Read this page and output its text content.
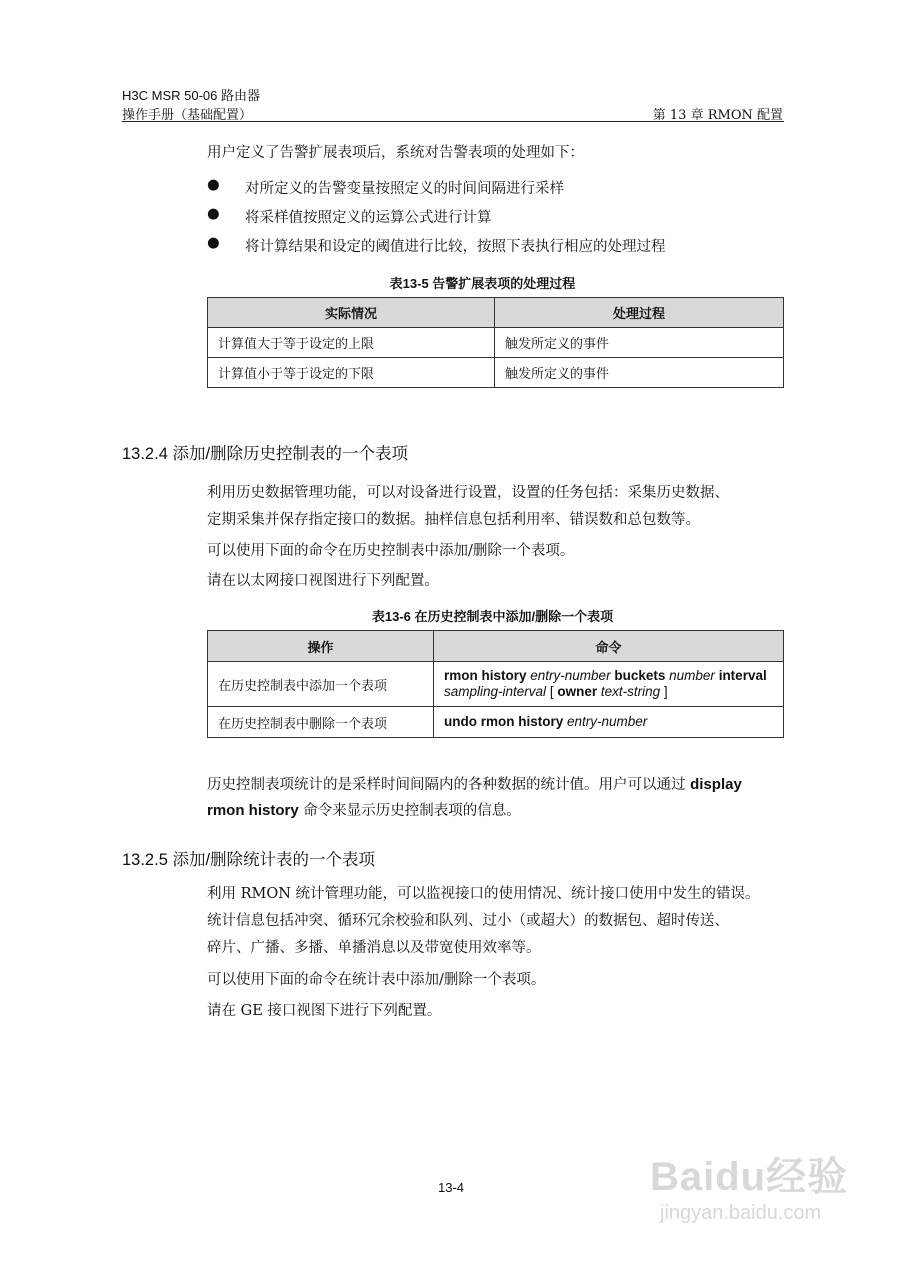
H3C MSR 50-06 路由器
操作手册（基础配置）	第 13 章 RMON 配置
用户定义了告警扩展表项后，系统对告警表项的处理如下：
● 对所定义的告警变量按照定义的时间间隔进行采样
● 将采样值按照定义的运算公式进行计算
● 将计算结果和设定的阈值进行比较，按照下表执行相应的处理过程
表13-5 告警扩展表项的处理过程
实际情况	处理过程
计算值大于等于设定的上限	触发所定义的事件
计算值小于等于设定的下限	触发所定义的事件
13.2.4 添加/删除历史控制表的一个表项
利用历史数据管理功能，可以对设备进行设置，设置的任务包括：采集历史数据、
定期采集并保存指定接口的数据。抽样信息包括利用率、错误数和总包数等。
可以使用下面的命令在历史控制表中添加/删除一个表项。
请在以太网接口视图进行下列配置。
表13-6 在历史控制表中添加/删除一个表项
操作	命令
在历史控制表中添加一个表项	rmon history entry-number buckets number interval
sampling-interval [ owner text-string ]
在历史控制表中删除一个表项	undo rmon history entry-number
历史控制表项统计的是采样时间间隔内的各种数据的统计值。用户可以通过 display
rmon history 命令来显示历史控制表项的信息。
13.2.5 添加/删除统计表的一个表项
利用 RMON 统计管理功能，可以监视接口的使用情况、统计接口使用中发生的错误。
统计信息包括冲突、循环冗余校验和队列、过小（或超大）的数据包、超时传送、
碎片、广播、多播、单播消息以及带宽使用效率等。
可以使用下面的命令在统计表中添加/删除一个表项。
请在 GE 接口视图下进行下列配置。
13-4	Baidu经验
jingyan.baidu.com
